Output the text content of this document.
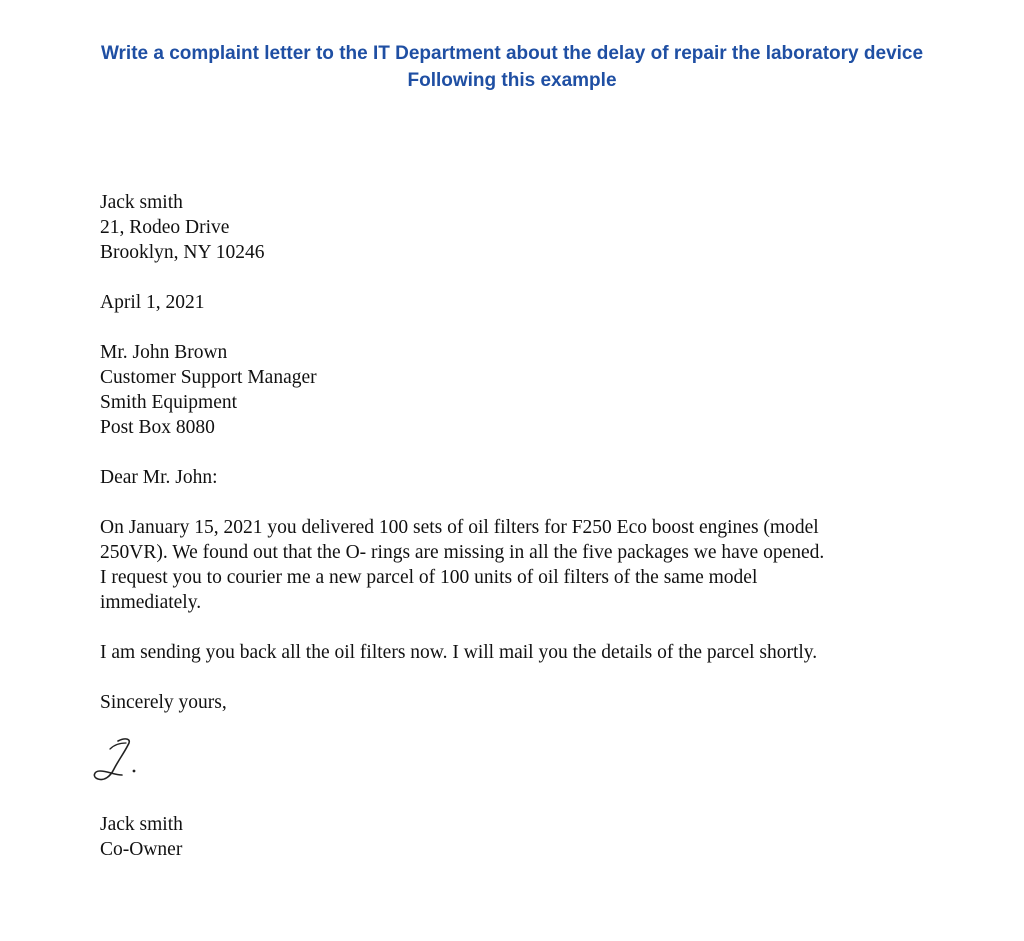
Write a complaint letter to the IT Department about the delay of repair the laboratory device
Following this example
Jack smith
21, Rodeo Drive
Brooklyn, NY 10246
April 1, 2021
Mr. John Brown
Customer Support Manager
Smith Equipment
Post Box 8080
Dear Mr. John:
On January 15, 2021 you delivered 100 sets of oil filters for F250 Eco boost engines (model
250VR). We found out that the O- rings are missing in all the five packages we have opened.
I request you to courier me a new parcel of 100 units of oil filters of the same model
immediately.
I am sending you back all the oil filters now. I will mail you the details of the parcel shortly.
Sincerely yours,
Jack smith
Co-Owner
